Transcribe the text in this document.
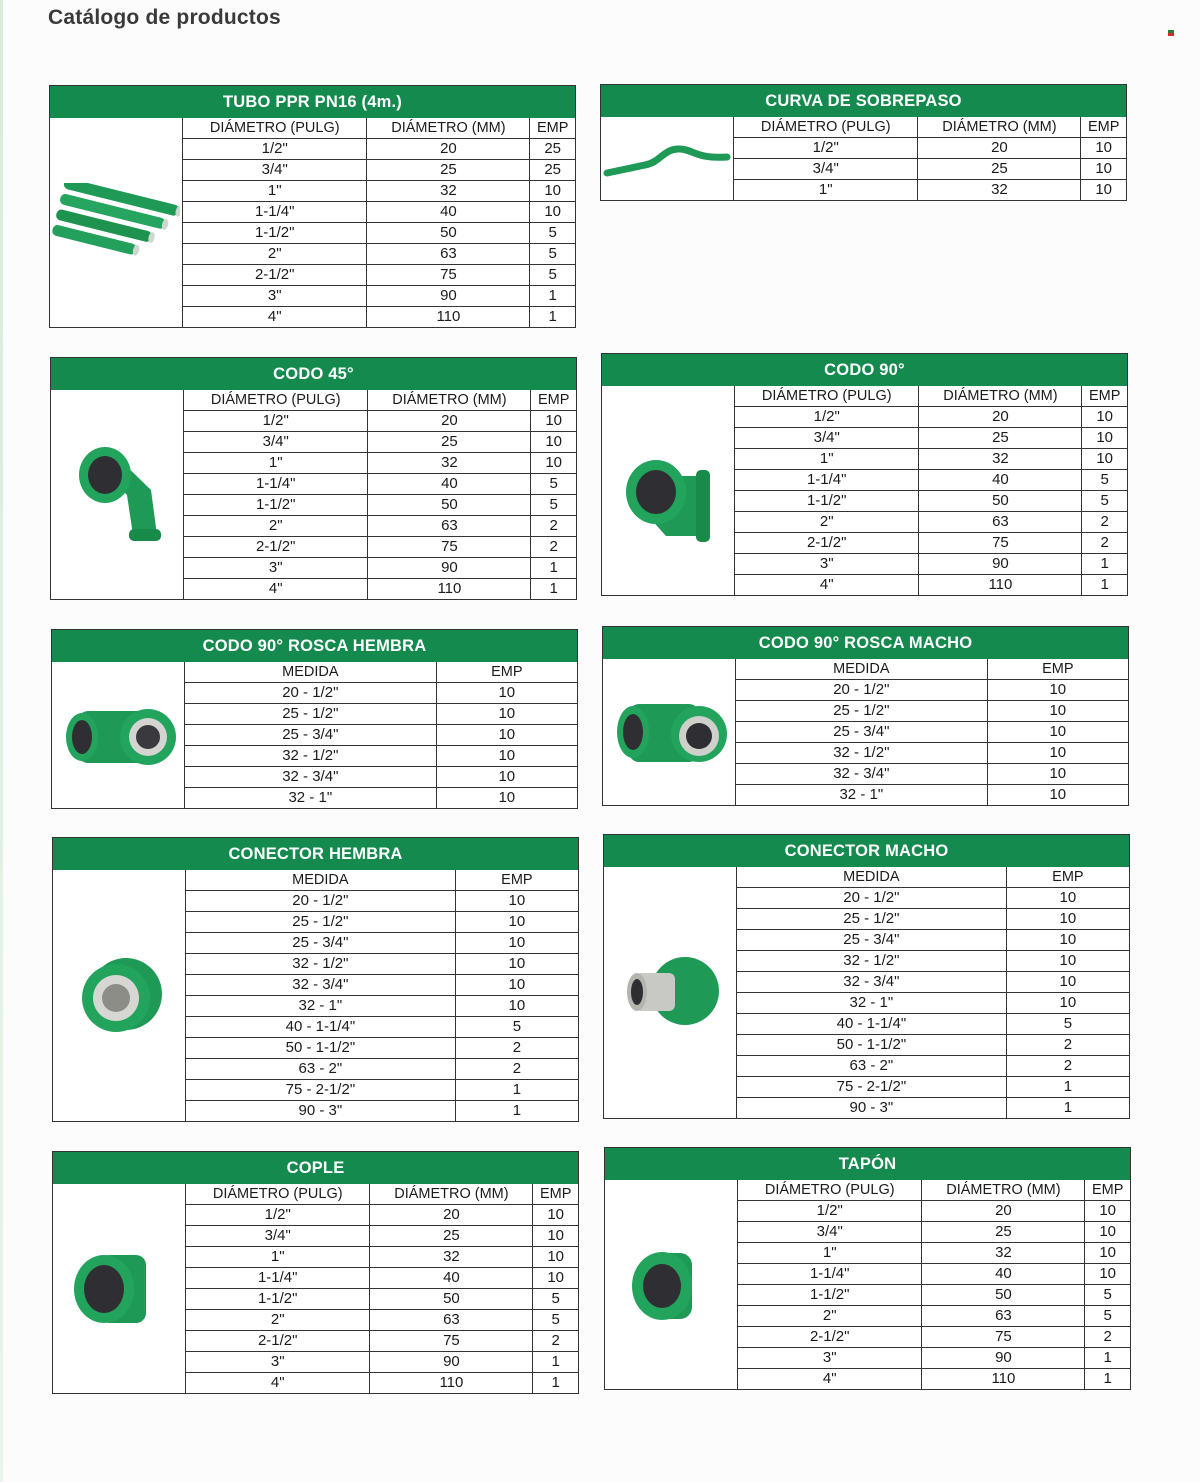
Catálogo de productos
TUBO PPR PN16 (4m.)
DIÁMETRO (PULG)	DIÁMETRO (MM)	EMP
1/2"	20	25
3/4"	25	25
1"	32	10
1-1/4"	40	10
1-1/2"	50	5
2"	63	5
2-1/2"	75	5
3"	90	1
4"	110	1
CURVA DE SOBREPASO
DIÁMETRO (PULG)	DIÁMETRO (MM)	EMP
1/2"	20	10
3/4"	25	10
1"	32	10
CODO 45°
DIÁMETRO (PULG)	DIÁMETRO (MM)	EMP
1/2"	20	10
3/4"	25	10
1"	32	10
1-1/4"	40	5
1-1/2"	50	5
2"	63	2
2-1/2"	75	2
3"	90	1
4"	110	1
CODO 90°
DIÁMETRO (PULG)	DIÁMETRO (MM)	EMP
1/2"	20	10
3/4"	25	10
1"	32	10
1-1/4"	40	5
1-1/2"	50	5
2"	63	2
2-1/2"	75	2
3"	90	1
4"	110	1
CODO 90° ROSCA HEMBRA
MEDIDA	EMP
20 - 1/2"	10
25 - 1/2"	10
25 - 3/4"	10
32 - 1/2"	10
32 - 3/4"	10
32 - 1"	10
CODO 90° ROSCA MACHO
MEDIDA	EMP
20 - 1/2"	10
25 - 1/2"	10
25 - 3/4"	10
32 - 1/2"	10
32 - 3/4"	10
32 - 1"	10
CONECTOR HEMBRA
MEDIDA	EMP
20 - 1/2"	10
25 - 1/2"	10
25 - 3/4"	10
32 - 1/2"	10
32 - 3/4"	10
32 - 1"	10
40 - 1-1/4"	5
50 - 1-1/2"	2
63 - 2"	2
75 - 2-1/2"	1
90 - 3"	1
CONECTOR MACHO
MEDIDA	EMP
20 - 1/2"	10
25 - 1/2"	10
25 - 3/4"	10
32 - 1/2"	10
32 - 3/4"	10
32 - 1"	10
40 - 1-1/4"	5
50 - 1-1/2"	2
63 - 2"	2
75 - 2-1/2"	1
90 - 3"	1
COPLE
DIÁMETRO (PULG)	DIÁMETRO (MM)	EMP
1/2"	20	10
3/4"	25	10
1"	32	10
1-1/4"	40	10
1-1/2"	50	5
2"	63	5
2-1/2"	75	2
3"	90	1
4"	110	1
TAPÓN
DIÁMETRO (PULG)	DIÁMETRO (MM)	EMP
1/2"	20	10
3/4"	25	10
1"	32	10
1-1/4"	40	10
1-1/2"	50	5
2"	63	5
2-1/2"	75	2
3"	90	1
4"	110	1
